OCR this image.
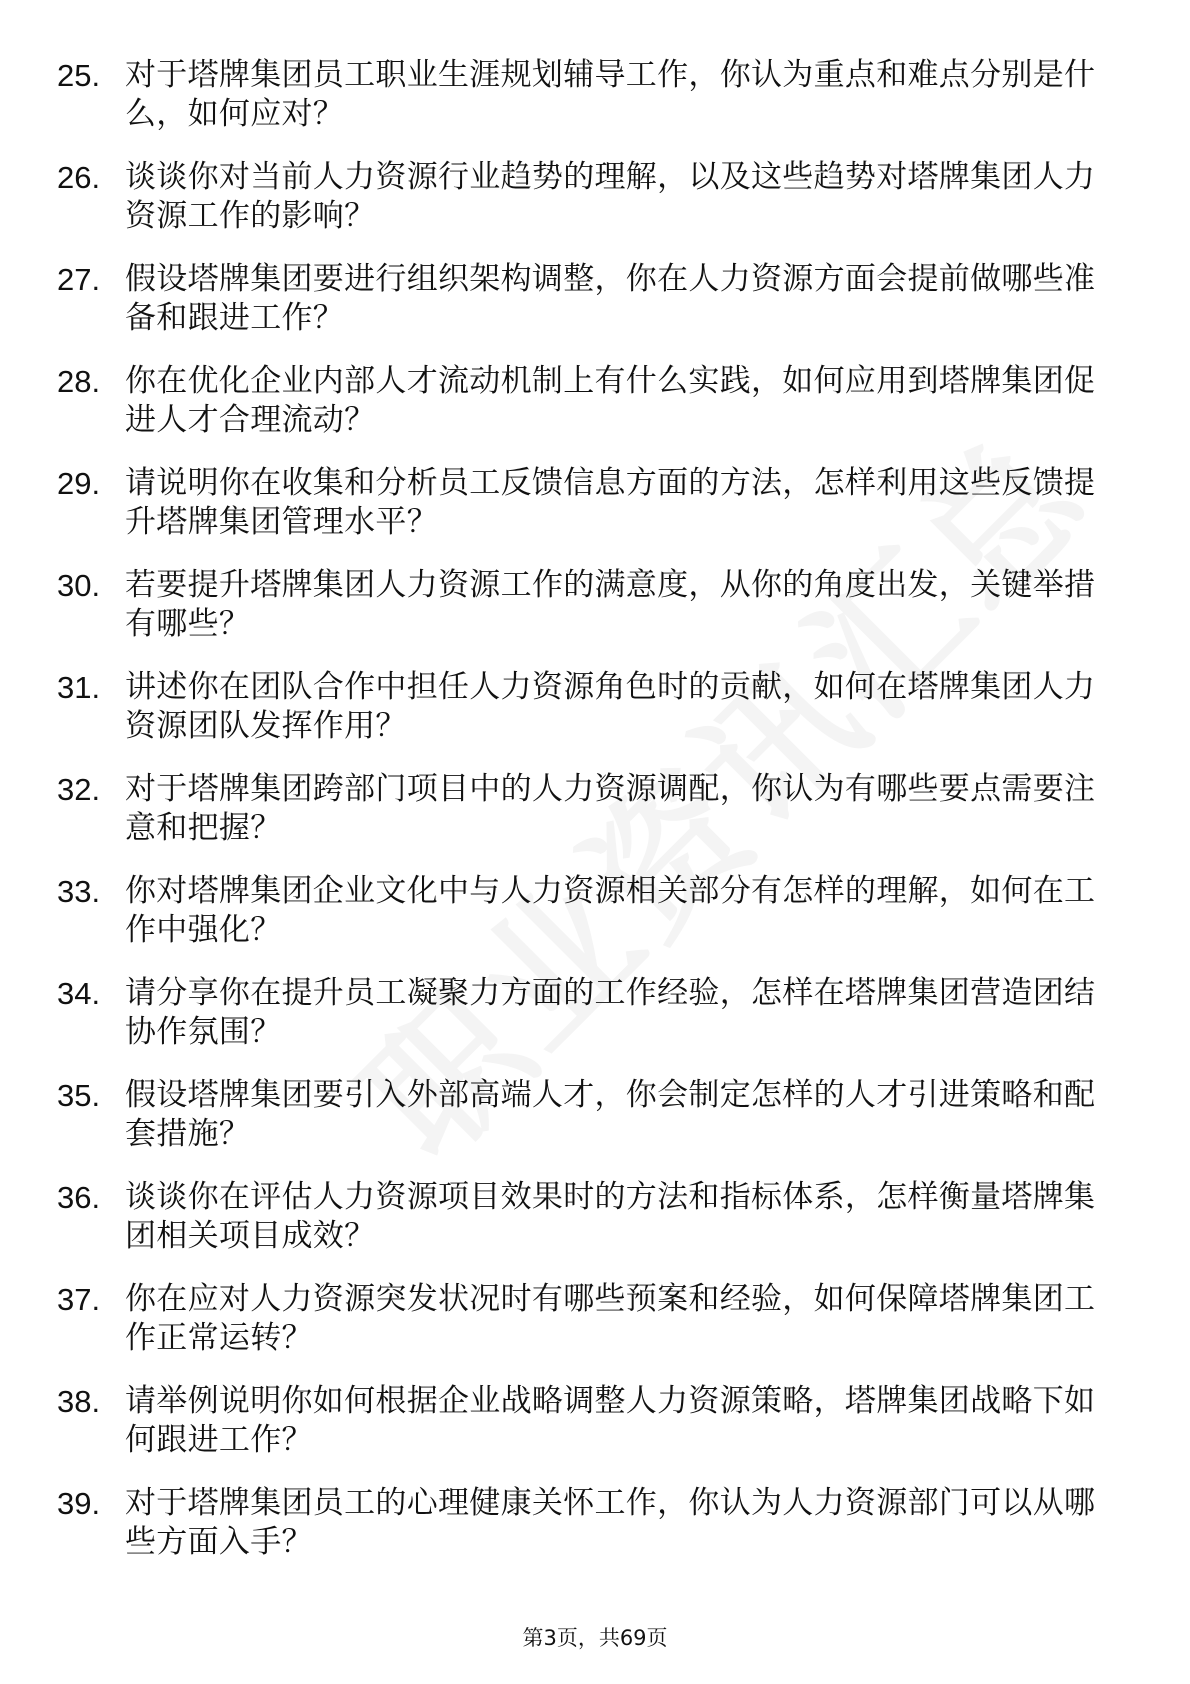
25. 对于塔牌集团员工职业生涯规划辅导工作，你认为重点和难点分别是什么，如何应对？
26. 谈谈你对当前人力资源行业趋势的理解，以及这些趋势对塔牌集团人力资源工作的影响？
27. 假设塔牌集团要进行组织架构调整，你在人力资源方面会提前做哪些准备和跟进工作？
28. 你在优化企业内部人才流动机制上有什么实践，如何应用到塔牌集团促进人才合理流动？
29. 请说明你在收集和分析员工反馈信息方面的方法，怎样利用这些反馈提升塔牌集团管理水平？
30. 若要提升塔牌集团人力资源工作的满意度，从你的角度出发，关键举措有哪些？
31. 讲述你在团队合作中担任人力资源角色时的贡献，如何在塔牌集团人力资源团队发挥作用？
32. 对于塔牌集团跨部门项目中的人力资源调配，你认为有哪些要点需要注意和把握？
33. 你对塔牌集团企业文化中与人力资源相关部分有怎样的理解，如何在工作中强化？
34. 请分享你在提升员工凝聚力方面的工作经验，怎样在塔牌集团营造团结协作氛围？
35. 假设塔牌集团要引入外部高端人才，你会制定怎样的人才引进策略和配套措施？
36. 谈谈你在评估人力资源项目效果时的方法和指标体系，怎样衡量塔牌集团相关项目成效？
37. 你在应对人力资源突发状况时有哪些预案和经验，如何保障塔牌集团工作正常运转？
38. 请举例说明你如何根据企业战略调整人力资源策略，塔牌集团战略下如何跟进工作？
39. 对于塔牌集团员工的心理健康关怀工作，你认为人力资源部门可以从哪些方面入手？
第3页，共69页
